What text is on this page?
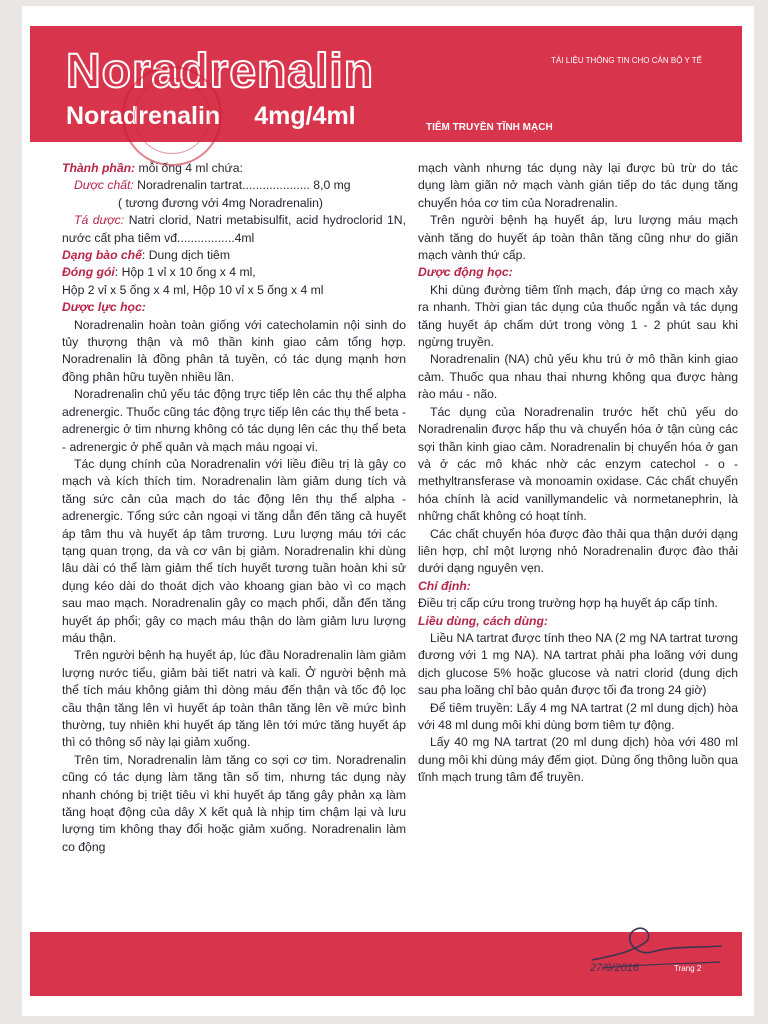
Noradrenalin
Noradrenalin 4mg/4ml	TIÊM TRUYỀN TĨNH MẠCH
TÀI LIỆU THÔNG TIN CHO CÁN BỘ Y TẾ

Thành phần: mỗi ống 4 ml chứa:

Dược chất: Noradrenalin tartrat.................... 8,0 mg

( tương đương với 4mg Noradrenalin)

Tá dược: Natri clorid, Natri metabisulfit, acid hydroclorid 1N, nước cất pha tiêm vđ.................4ml

Dạng bào chế: Dung dịch tiêm

Đóng gói: Hộp 1 vỉ x 10 ống x 4 ml,

Hộp 2 vỉ x 5 ống x 4 ml, Hộp 10 vỉ x 5 ống x 4 ml

Dược lực học:

Noradrenalin hoàn toàn giống với catecholamin nội sinh do tủy thượng thận và mô thần kinh giao cảm tổng hợp. Noradrenalin là đồng phân tả tuyền, có tác dụng mạnh hơn đồng phân hữu tuyền nhiều lần.

Noradrenalin chủ yếu tác động trực tiếp lên các thụ thể alpha adrenergic. Thuốc cũng tác động trực tiếp lên các thụ thể beta - adrenergic ở tim nhưng không có tác dụng lên các thụ thể beta - adrenergic ở phế quản và mạch máu ngoại vi.

Tác dụng chính của Noradrenalin với liều điều trị là gây co mạch và kích thích tim. Noradrenalin làm giảm dung tích và tăng sức cản của mạch do tác động lên thụ thể alpha - adrenergic. Tổng sức cản ngoại vi tăng dẫn đến tăng cả huyết áp tâm thu và huyết áp tâm trương. Lưu lượng máu tới các tạng quan trọng, da và cơ vân bị giảm. Noradrenalin khi dùng lâu dài có thể làm giảm thể tích huyết tương tuần hoàn khi sử dụng kéo dài do thoát dịch vào khoang gian bào vì co mạch sau mao mạch. Noradrenalin gây co mạch phổi, dẫn đến tăng huyết áp phổi; gây co mạch máu thận do làm giảm lưu lượng máu thận.

Trên người bệnh hạ huyết áp, lúc đầu Noradrenalin làm giảm lượng nước tiểu, giảm bài tiết natri và kali. Ở người bệnh mà thể tích máu không giảm thì dòng máu đến thận và tốc độ lọc cầu thận tăng lên vì huyết áp toàn thân tăng lên về mức bình thường, tuy nhiên khi huyết áp tăng lên tới mức tăng huyết áp thì có thông số này lại giảm xuống.

Trên tim, Noradrenalin làm tăng co sợi cơ tim. Noradrenalin cũng có tác dụng làm tăng tần số tim, nhưng tác dụng này nhanh chóng bị triệt tiêu vì khi huyết áp tăng gây phản xạ làm tăng hoạt động của dây X kết quả là nhịp tim chậm lại và lưu lượng tim không thay đổi hoặc giảm xuống. Noradrenalin làm co động

mạch vành nhưng tác dụng này lại được bù trừ do tác dụng làm giãn nở mạch vành gián tiếp do tác dụng tăng chuyển hóa cơ tim của Noradrenalin.

Trên người bệnh hạ huyết áp, lưu lượng máu mạch vành tăng do huyết áp toàn thân tăng cũng như do giãn mạch vành thứ cấp.

Dược động học:

Khi dùng đường tiêm tĩnh mạch, đáp ứng co mạch xảy ra nhanh. Thời gian tác dụng của thuốc ngắn và tác dụng tăng huyết áp chấm dứt trong vòng 1 - 2 phút sau khi ngừng truyền.

Noradrenalin (NA) chủ yếu khu trú ở mô thần kinh giao cảm. Thuốc qua nhau thai nhưng không qua được hàng rào máu - não.

Tác dụng của Noradrenalin trước hết chủ yếu do Noradrenalin được hấp thu và chuyển hóa ở tận cùng các sợi thần kinh giao cảm. Noradrenalin bị chuyển hóa ở gan và ở các mô khác nhờ các enzym catechol - o - methyltransferase và monoamin oxidase. Các chất chuyển hóa chính là acid vanillymandelic và normetanephrin, là những chất không có hoạt tính.

Các chất chuyển hóa được đào thải qua thận dưới dạng liên hợp, chỉ một lượng nhỏ Noradrenalin được đào thải dưới dạng nguyên vẹn.

Chỉ định:

Điều trị cấp cứu trong trường hợp hạ huyết áp cấp tính.

Liều dùng, cách dùng:

Liều NA tartrat được tính theo NA (2 mg NA tartrat tương đương với 1 mg NA). NA tartrat phải pha loãng với dung dịch glucose 5% hoặc glucose và natri clorid (dung dịch sau pha loãng chỉ bảo quản được tối đa trong 24 giờ)

Để tiêm truyền: Lấy 4 mg NA tartrat (2 ml dung dịch) hòa với 48 ml dung môi khi dùng bơm tiêm tự động.

Lấy 40 mg NA tartrat (20 ml dung dịch) hòa với 480 ml dung môi khi dùng máy đếm giọt. Dùng ống thông luồn qua tĩnh mạch trung tâm để truyền.

27/9/2016	Trang 2
